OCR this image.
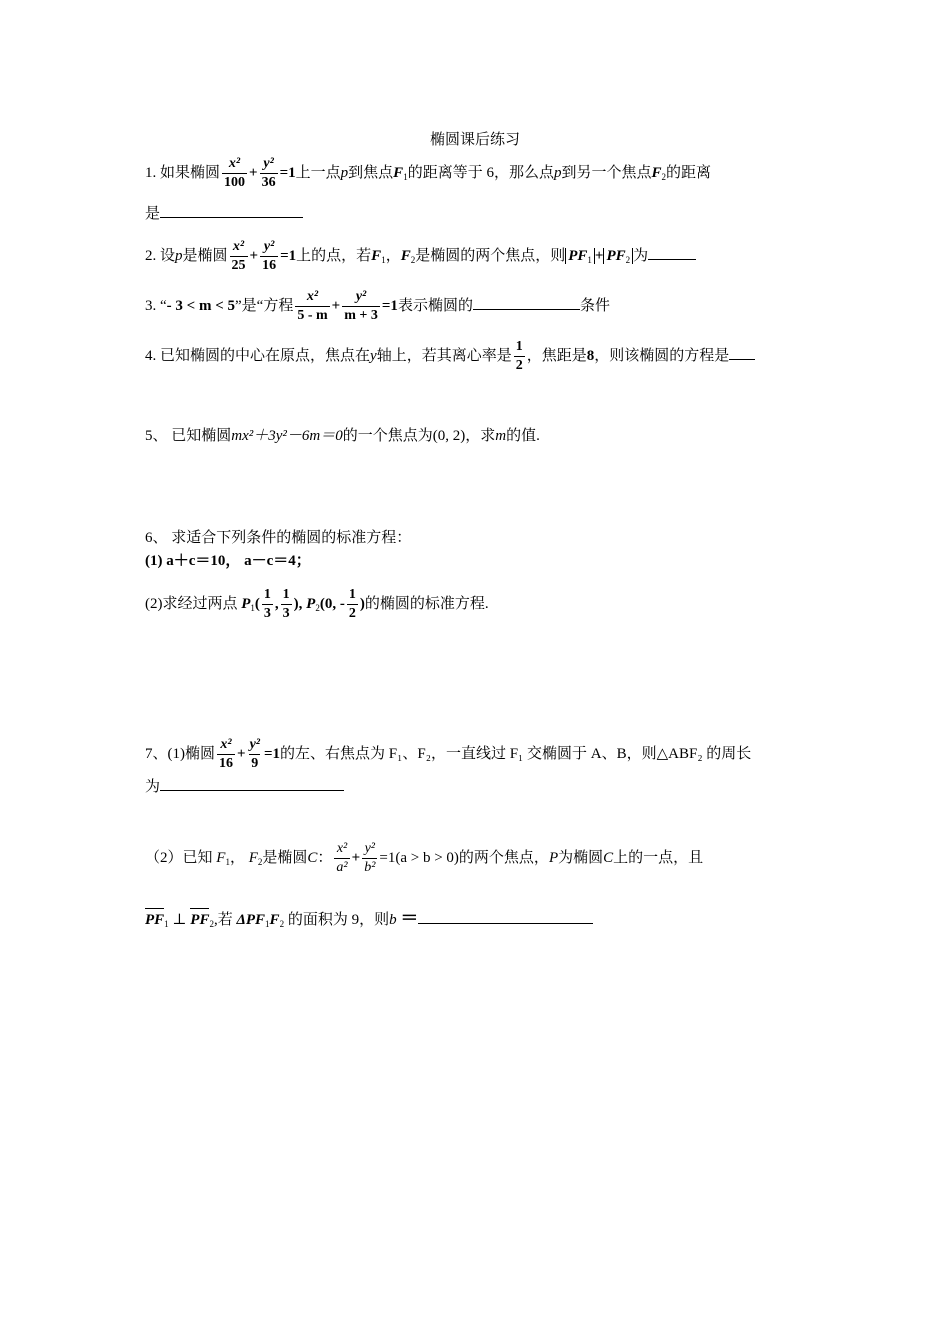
椭圆课后练习
1. 如果椭圆 $\frac{\text{x²}}{100} + \frac{\text{y²}}{36} =1$上一点p到焦点$F_1$的距离等于 6，那么点p到另一个焦点$F_2$的距离
是
2. 设p是椭圆 $\frac{\text{x²}}{25} + \frac{\text{y²}}{16} =1$上的点，若$F_1$，$F_2$是椭圆的两个焦点，则 $PF_1 + PF_2$ 为
3. “- 3 < m < 5”是“方程 $\frac{\text{x²}}{5 - m} + \frac{\text{y²}}{m + 3} =1$表示椭圆的	条件
4. 已知椭圆的中心在原点，焦点在y轴上，若其离心率是 $\frac{1}{2}$ ，焦距是8，则该椭圆的方程是
5、 已知椭圆mx²＋3y²－6m＝0的一个焦点为(0, 2)，求m的值.
6、 求适合下列条件的椭圆的标准方程：
(1) a＋c＝10， a－c＝4；
(2)求经过两点 $P_1( \frac{1}{3}$ , $\frac{1}{3}$ ), $P_2(0$, - $\frac{1}{2}$ )的椭圆的标准方程.
7、(1)椭圆 $\frac{\text{x²}}{16} + \frac{\text{y²}}{9} =1$的左、右焦点为 F₁、F₂，一直线过 F₁ 交椭圆于 A、B，则△ABF₂ 的周长
为
（2）已知 $F_1$， $F_2$是椭圆C： $\frac{\text{x²}}{\text{a²}} + \frac{\text{y²}}{\text{b²}} =1(a > b > 0)$的两个焦点，P为椭圆C上的一点，且
$PF_1$ ⊥ $PF_2$,若 $\Delta PF_1F_2$ 的面积为 9，则b ＝
